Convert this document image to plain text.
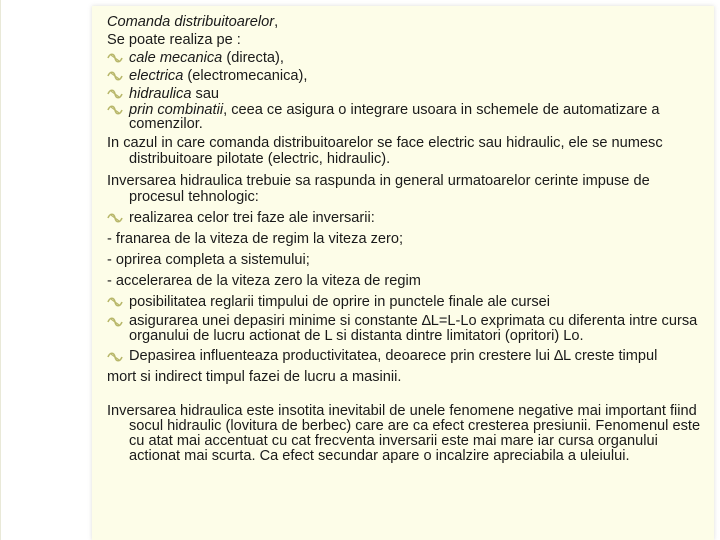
Comanda distribuitoarelor,

Se poate realiza pe :

cale mecanica (directa),
electrica (electromecanica),
hidraulica sau
prin combinatii, ceea ce asigura o integrare usoara in schemele de automatizare a comenzilor.

In cazul in care comanda distribuitoarelor se face electric sau hidraulic, ele se numesc distribuitoare pilotate (electric, hidraulic).

Inversarea hidraulica trebuie sa raspunda in general urmatoarelor cerinte impuse de procesul tehnologic:

realizarea celor trei faze ale inversarii:

- franarea de la viteza de regim la viteza zero;

- oprirea completa a sistemului;

- accelerarea de la viteza zero la viteza de regim

posibilitatea reglarii timpului de oprire in punctele finale ale cursei
asigurarea unei depasiri minime si constante ∆L=L-Lo exprimata cu diferenta intre cursa organului de lucru actionat de L si distanta dintre limitatori (opritori) Lo.
Depasirea influenteaza productivitatea, deoarece prin crestere lui ∆L creste timpul

mort si indirect timpul fazei de lucru a masinii.

Inversarea hidraulica este insotita inevitabil de unele fenomene negative mai important fiind socul hidraulic (lovitura de berbec) care are ca efect cresterea presiunii. Fenomenul este cu atat mai accentuat cu cat frecventa inversarii este mai mare iar cursa organului actionat mai scurta. Ca efect secundar apare o incalzire apreciabila a uleiului.
